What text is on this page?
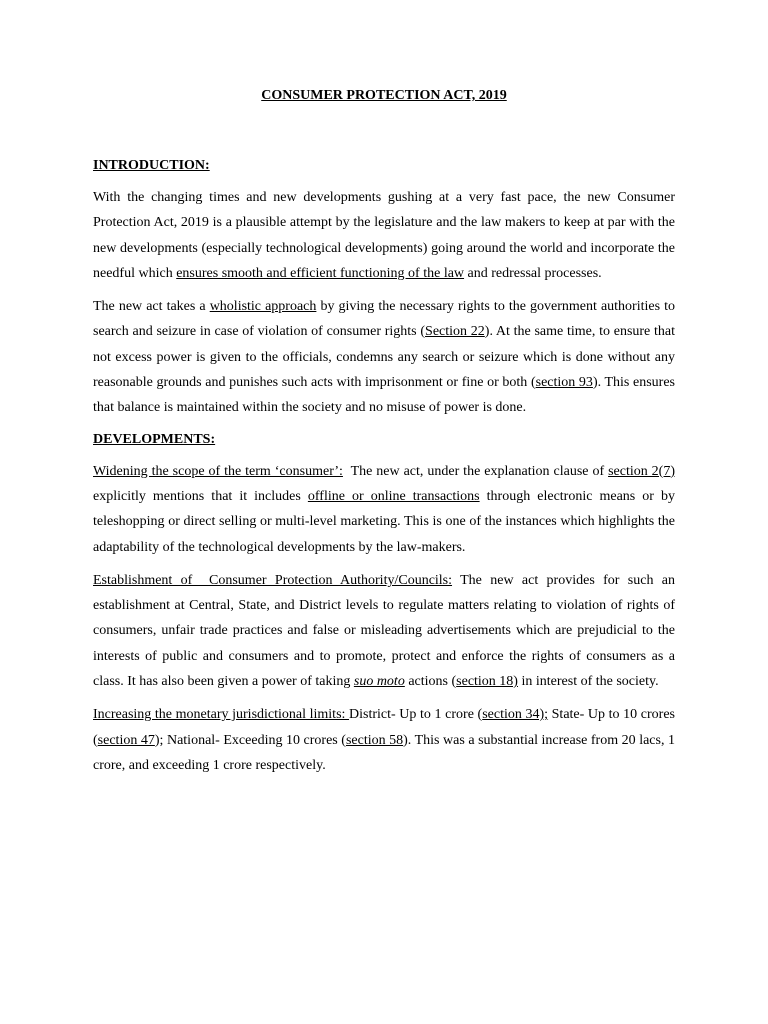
CONSUMER PROTECTION ACT, 2019
INTRODUCTION:

With the changing times and new developments gushing at a very fast pace, the new Consumer Protection Act, 2019 is a plausible attempt by the legislature and the law makers to keep at par with the new developments (especially technological developments) going around the world and incorporate the needful which ensures smooth and efficient functioning of the law and redressal processes.

The new act takes a wholistic approach by giving the necessary rights to the government authorities to search and seizure in case of violation of consumer rights (Section 22). At the same time, to ensure that not excess power is given to the officials, condemns any search or seizure which is done without any reasonable grounds and punishes such acts with imprisonment or fine or both (section 93). This ensures that balance is maintained within the society and no misuse of power is done.

DEVELOPMENTS:

Widening the scope of the term ‘consumer’:  The new act, under the explanation clause of section 2(7) explicitly mentions that it includes offline or online transactions through electronic means or by teleshopping or direct selling or multi-level marketing. This is one of the instances which highlights the adaptability of the technological developments by the law-makers.

Establishment of  Consumer Protection Authority/Councils: The new act provides for such an establishment at Central, State, and District levels to regulate matters relating to violation of rights of consumers, unfair trade practices and false or misleading advertisements which are prejudicial to the interests of public and consumers and to promote, protect and enforce the rights of consumers as a class. It has also been given a power of taking suo moto actions (section 18) in interest of the society.

Increasing the monetary jurisdictional limits: District- Up to 1 crore (section 34); State- Up to 10 crores (section 47); National- Exceeding 10 crores (section 58). This was a substantial increase from 20 lacs, 1 crore, and exceeding 1 crore respectively.
